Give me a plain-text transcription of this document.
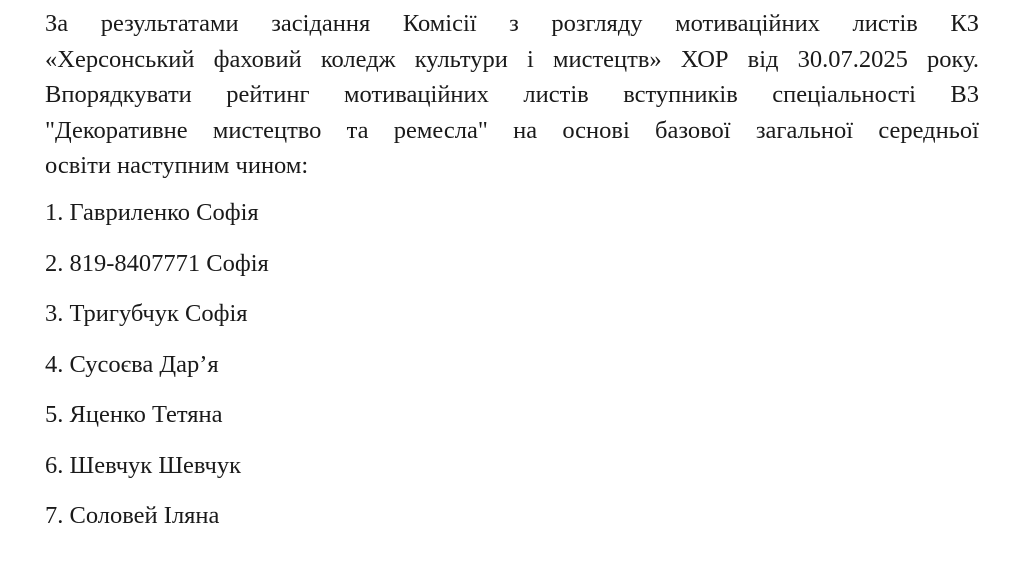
За результатами засідання Комісії з розгляду мотиваційних листів КЗ
«Херсонський фаховий коледж культури і мистецтв» ХОР від 30.07.2025 року.
Впорядкувати рейтинг мотиваційних листів вступників спеціальності В3
"Декоративне мистецтво та ремесла" на основі базової загальної середньої
освіти наступним чином:

1. Гавриленко Софія
2. 819-8407771 Софія
3. Тригубчук Софія
4. Сусоєва Дар’я
5. Яценко Тетяна
6. Шевчук Шевчук
7. Соловей Іляна
